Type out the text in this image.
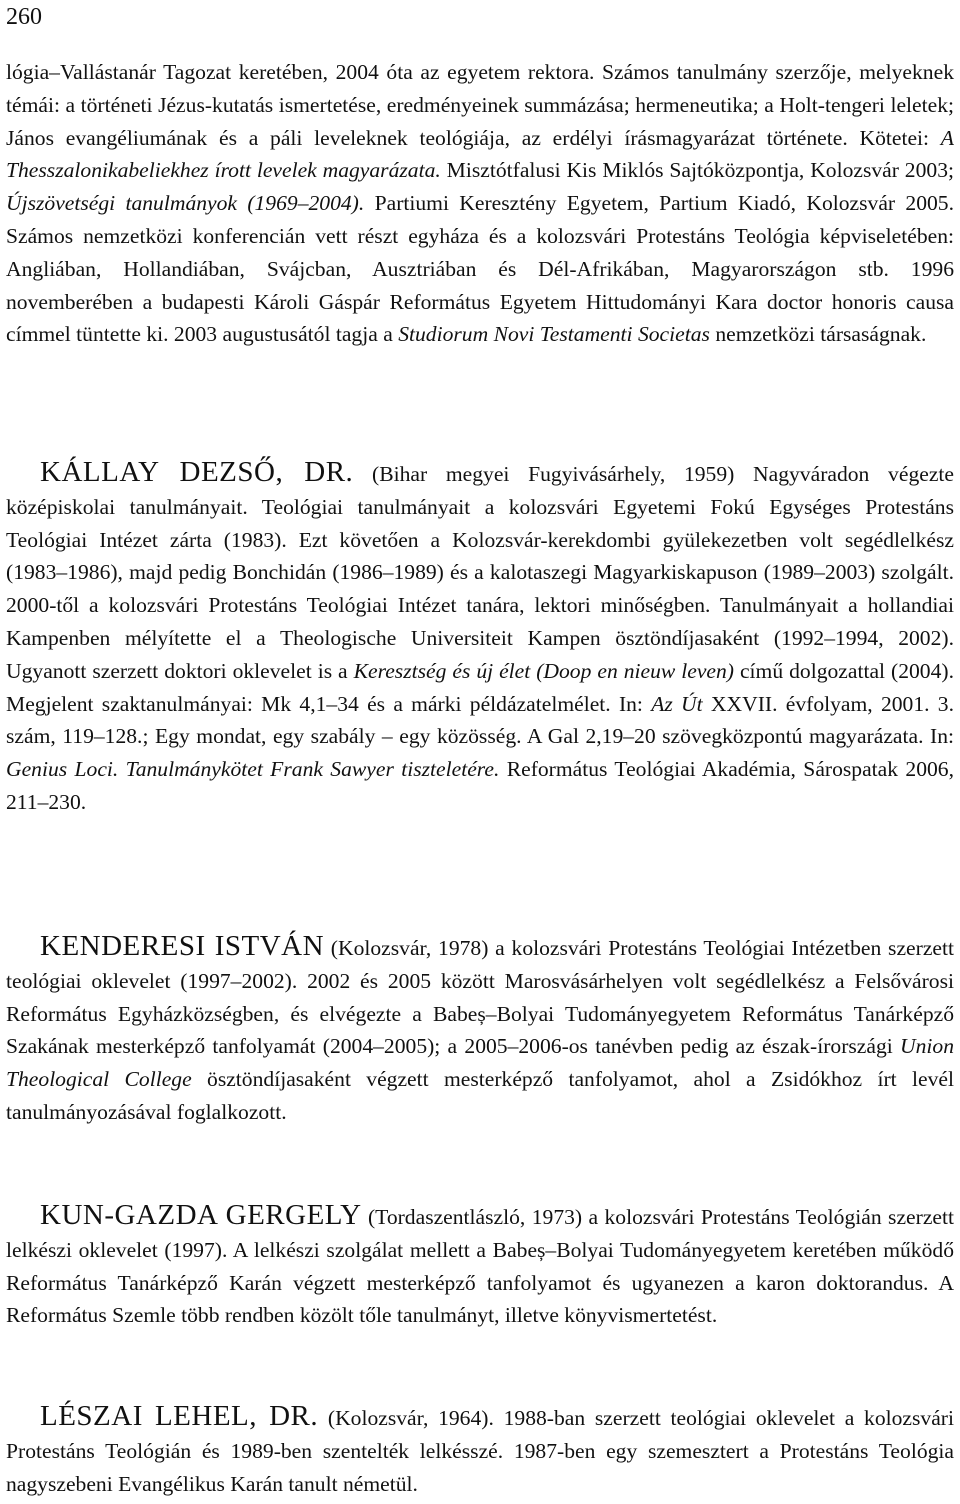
260

lógia–Vallástanár Tagozat keretében, 2004 óta az egyetem rektora. Számos tanulmány szerzője, melyeknek témái: a történeti Jézus-kutatás ismertetése, eredményeinek summázása; hermeneutika; a Holt-tengeri leletek; János evangéliumának és a páli leveleknek teológiája, az erdélyi írásmagyarázat története. Kötetei: A Thesszalonikabeliekhez írott levelek magyarázata. Misztótfalusi Kis Miklós Sajtóközpontja, Kolozsvár 2003; Újszövetségi tanulmányok (1969–2004). Partiumi Keresztény Egyetem, Partium Kiadó, Kolozsvár 2005. Számos nemzetközi konferencián vett részt egyháza és a kolozsvári Protestáns Teológia képviseletében: Angliában, Hollandiában, Svájcban, Ausztriában és Dél-Afrikában, Magyarországon stb. 1996 novemberében a budapesti Károli Gáspár Református Egyetem Hittudományi Kara doctor honoris causa címmel tüntette ki. 2003 augustusától tagja a Studiorum Novi Testamenti Societas nemzetközi társaságnak.

KÁLLAY DEZSŐ, DR. (Bihar megyei Fugyivásárhely, 1959) Nagyváradon végezte középiskolai tanulmányait. Teológiai tanulmányait a kolozsvári Egyetemi Fokú Egységes Protestáns Teológiai Intézet zárta (1983). Ezt követően a Kolozsvár-kerekdombi gyülekezetben volt segédlelkész (1983–1986), majd pedig Bonchidán (1986–1989) és a kalotaszegi Magyarkiskapuson (1989–2003) szolgált. 2000-től a kolozsvári Protestáns Teológiai Intézet tanára, lektori minőségben. Tanulmányait a hollandiai Kampenben mélyítette el a Theologische Universiteit Kampen ösztöndíjasaként (1992–1994, 2002). Ugyanott szerzett doktori oklevelet is a Keresztség és új élet (Doop en nieuw leven) című dolgozattal (2004). Megjelent szaktanulmányai: Mk 4,1–34 és a márki példázatelmélet. In: Az Út XXVII. évfolyam, 2001. 3. szám, 119–128.; Egy mondat, egy szabály – egy közösség. A Gal 2,19–20 szövegközpontú magyarázata. In: Genius Loci. Tanulmánykötet Frank Sawyer tiszteletére. Református Teológiai Akadémia, Sárospatak 2006, 211–230.

KENDERESI ISTVÁN (Kolozsvár, 1978) a kolozsvári Protestáns Teológiai Intézetben szerzett teológiai oklevelet (1997–2002). 2002 és 2005 között Marosvásárhelyen volt segédlelkész a Felsővárosi Református Egyházközségben, és elvégezte a Babeș–Bolyai Tudományegyetem Református Tanárképző Szakának mesterképző tanfolyamát (2004–2005); a 2005–2006-os tanévben pedig az észak-írországi Union Theological College ösztöndíjasaként végzett mesterképző tanfolyamot, ahol a Zsidókhoz írt levél tanulmányozásával foglalkozott.

KUN-GAZDA GERGELY (Tordaszentlászló, 1973) a kolozsvári Protestáns Teológián szerzett lelkészi oklevelet (1997). A lelkészi szolgálat mellett a Babeș–Bolyai Tudományegyetem keretében működő Református Tanárképző Karán végzett mesterképző tanfolyamot és ugyanezen a karon doktorandus. A Református Szemle több rendben közölt tőle tanulmányt, illetve könyvismertetést.

LÉSZAI LEHEL, DR. (Kolozsvár, 1964). 1988-ban szerzett teológiai oklevelet a kolozsvári Protestáns Teológián és 1989-ben szentelték lelkésszé. 1987-ben egy szemesztert a Protestáns Teológia nagyszebeni Evangélikus Karán tanult németül.
